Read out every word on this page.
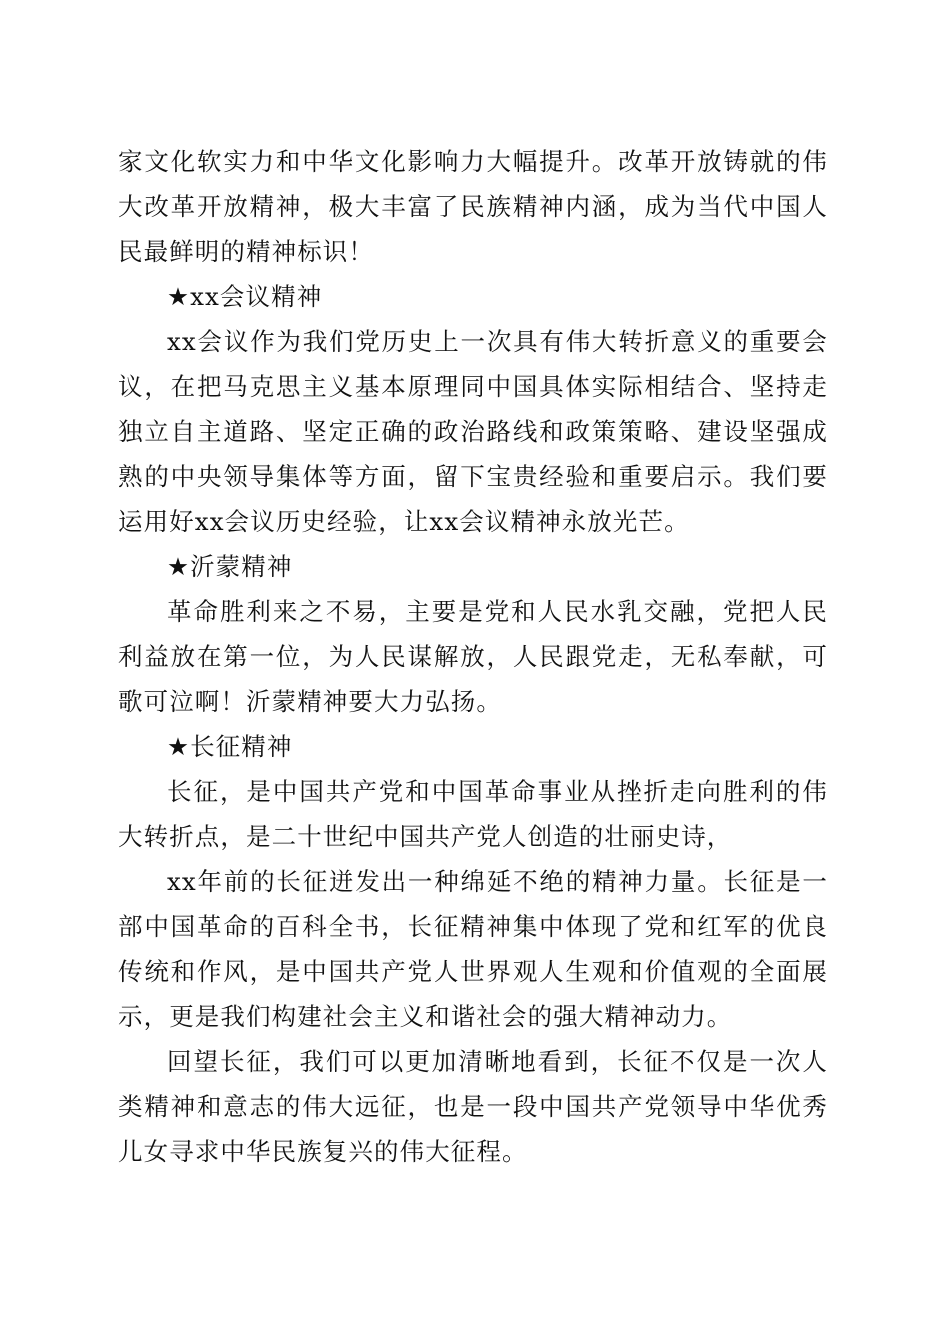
家文化软实力和中华文化影响力大幅提升。改革开放铸就的伟大改革开放精神，极大丰富了民族精神内涵，成为当代中国人民最鲜明的精神标识！

★xx会议精神

xx会议作为我们党历史上一次具有伟大转折意义的重要会议，在把马克思主义基本原理同中国具体实际相结合、坚持走独立自主道路、坚定正确的政治路线和政策策略、建设坚强成熟的中央领导集体等方面，留下宝贵经验和重要启示。我们要运用好xx会议历史经验，让xx会议精神永放光芒。

★沂蒙精神

革命胜利来之不易，主要是党和人民水乳交融，党把人民利益放在第一位，为人民谋解放，人民跟党走，无私奉献，可歌可泣啊！沂蒙精神要大力弘扬。

★长征精神

长征，是中国共产党和中国革命事业从挫折走向胜利的伟大转折点，是二十世纪中国共产党人创造的壮丽史诗，

xx年前的长征迸发出一种绵延不绝的精神力量。长征是一部中国革命的百科全书，长征精神集中体现了党和红军的优良传统和作风，是中国共产党人世界观人生观和价值观的全面展示，更是我们构建社会主义和谐社会的强大精神动力。

回望长征，我们可以更加清晰地看到，长征不仅是一次人类精神和意志的伟大远征，也是一段中国共产党领导中华优秀儿女寻求中华民族复兴的伟大征程。
